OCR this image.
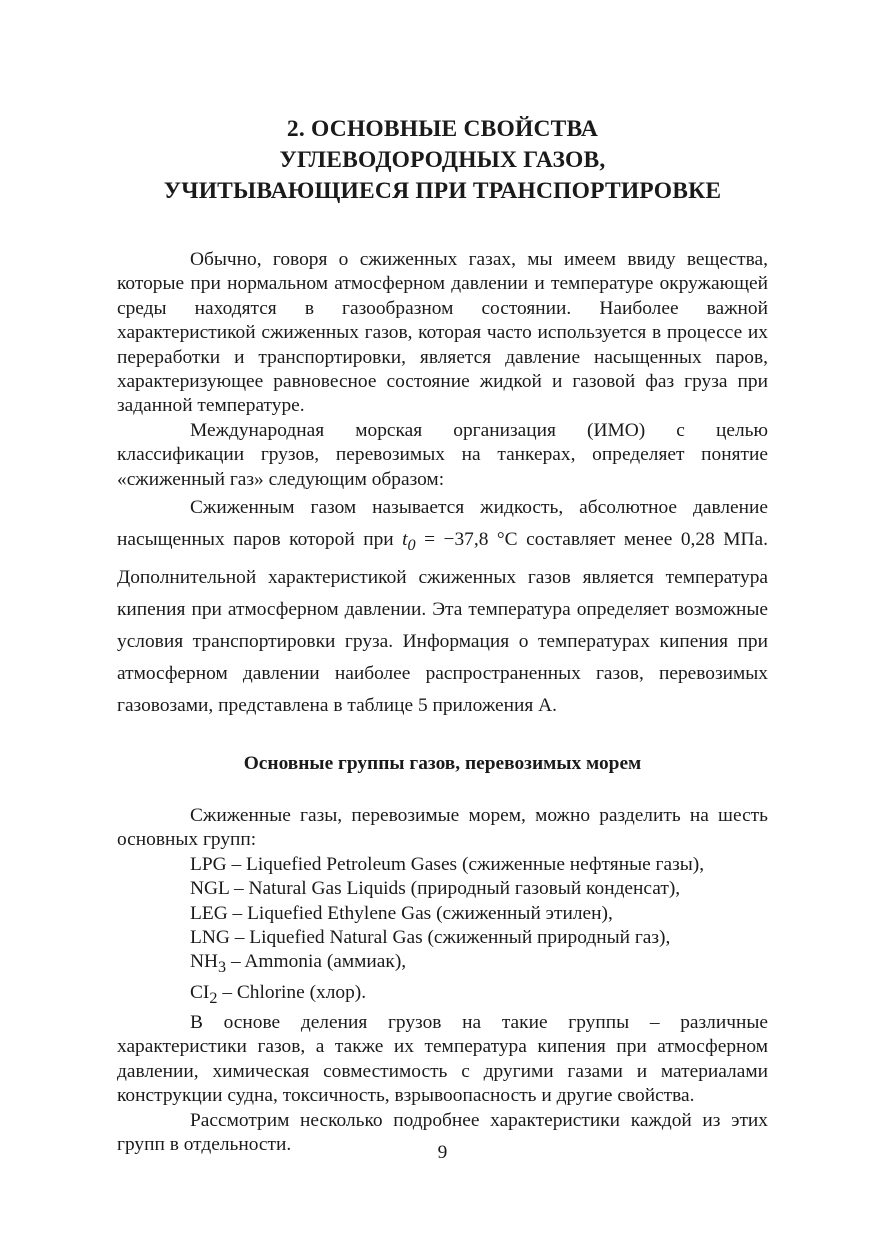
2. ОСНОВНЫЕ СВОЙСТВА
УГЛЕВОДОРОДНЫХ ГАЗОВ,
УЧИТЫВАЮЩИЕСЯ ПРИ ТРАНСПОРТИРОВКЕ

Обычно, говоря о сжиженных газах, мы имеем ввиду вещества, которые при нормальном атмосферном давлении и температуре окружающей среды находятся в газообразном состоянии. Наиболее важной характеристикой сжиженных газов, которая часто используется в процессе их переработки и транспортировки, является давление насыщенных паров, характеризующее равновесное состояние жидкой и газовой фаз груза при заданной температуре.

Международная морская организация (ИМО) с целью классификации грузов, перевозимых на танкерах, определяет понятие «сжиженный газ» следующим образом:

Сжиженным газом называется жидкость, абсолютное давление насыщенных паров которой при $t_0 = -37,8$ °C составляет менее 0,28 МПа. Дополнительной характеристикой сжиженных газов является температура кипения при атмосферном давлении. Эта температура определяет возможные условия транспортировки груза. Информация о температурах кипения при атмосферном давлении наиболее распространенных газов, перевозимых газовозами, представлена в таблице 5 приложения А.

Основные группы газов, перевозимых морем

Сжиженные газы, перевозимые морем, можно разделить на шесть основных групп:

LPG – Liquefied Petroleum Gases (сжиженные нефтяные газы),
NGL – Natural Gas Liquids (природный газовый конденсат),
LEG – Liquefied Ethylene Gas (сжиженный этилен),
LNG – Liquefied Natural Gas (сжиженный природный газ),
$NH_3$ – Ammonia (аммиак),
$CI_2$ – Chlorine (хлор).

В основе деления грузов на такие группы – различные характеристики газов, а также их температура кипения при атмосферном давлении, химическая совместимость с другими газами и материалами конструкции судна, токсичность, взрывоопасность и другие свойства.

Рассмотрим несколько подробнее характеристики каждой из этих групп в отдельности.	9
